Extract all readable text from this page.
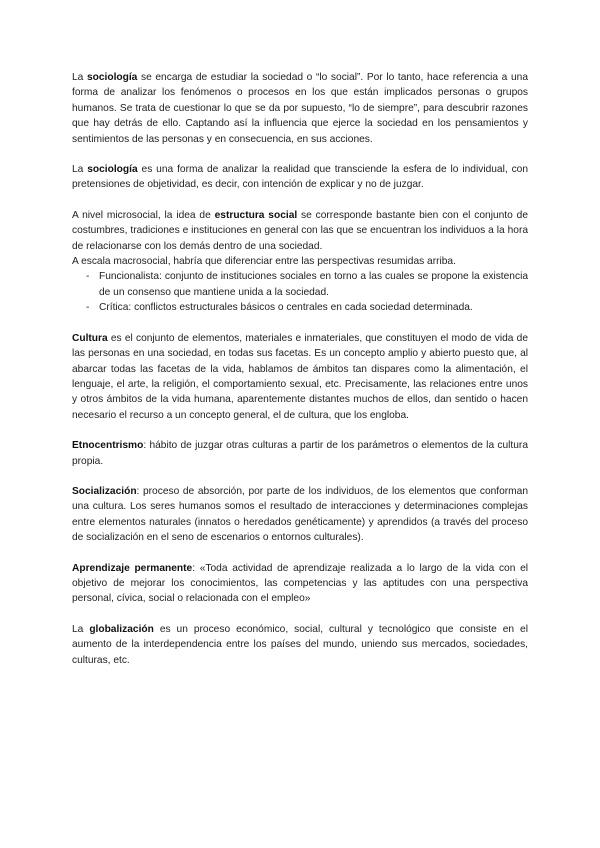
La sociología se encarga de estudiar la sociedad o “lo social”. Por lo tanto, hace referencia a una forma de analizar los fenómenos o procesos en los que están implicados personas o grupos humanos. Se trata de cuestionar lo que se da por supuesto, “lo de siempre”, para descubrir razones que hay detrás de ello. Captando así la influencia que ejerce la sociedad en los pensamientos y sentimientos de las personas y en consecuencia, en sus acciones.

La sociología es una forma de analizar la realidad que transciende la esfera de lo individual, con pretensiones de objetividad, es decir, con intención de explicar y no de juzgar.

A nivel microsocial, la idea de estructura social se corresponde bastante bien con el conjunto de costumbres, tradiciones e instituciones en general con las que se encuentran los individuos a la hora de relacionarse con los demás dentro de una sociedad.

A escala macrosocial, habría que diferenciar entre las perspectivas resumidas arriba.

- Funcionalista: conjunto de instituciones sociales en torno a las cuales se propone la existencia de un consenso que mantiene unida a la sociedad.
- Crítica: conflictos estructurales básicos o centrales en cada sociedad determinada.

Cultura es el conjunto de elementos, materiales e inmateriales, que constituyen el modo de vida de las personas en una sociedad, en todas sus facetas. Es un concepto amplio y abierto puesto que, al abarcar todas las facetas de la vida, hablamos de ámbitos tan dispares como la alimentación, el lenguaje, el arte, la religión, el comportamiento sexual, etc. Precisamente, las relaciones entre unos y otros ámbitos de la vida humana, aparentemente distantes muchos de ellos, dan sentido o hacen necesario el recurso a un concepto general, el de cultura, que los engloba.

Etnocentrismo: hábito de juzgar otras culturas a partir de los parámetros o elementos de la cultura propia.

Socialización: proceso de absorción, por parte de los individuos, de los elementos que conforman una cultura. Los seres humanos somos el resultado de interacciones y determinaciones complejas entre elementos naturales (innatos o heredados genéticamente) y aprendidos (a través del proceso de socialización en el seno de escenarios o entornos culturales).

Aprendizaje permanente: «Toda actividad de aprendizaje realizada a lo largo de la vida con el objetivo de mejorar los conocimientos, las competencias y las aptitudes con una perspectiva personal, cívica, social o relacionada con el empleo»

La globalización es un proceso económico, social, cultural y tecnológico que consiste en el aumento de la interdependencia entre los países del mundo, uniendo sus mercados, sociedades, culturas, etc.
